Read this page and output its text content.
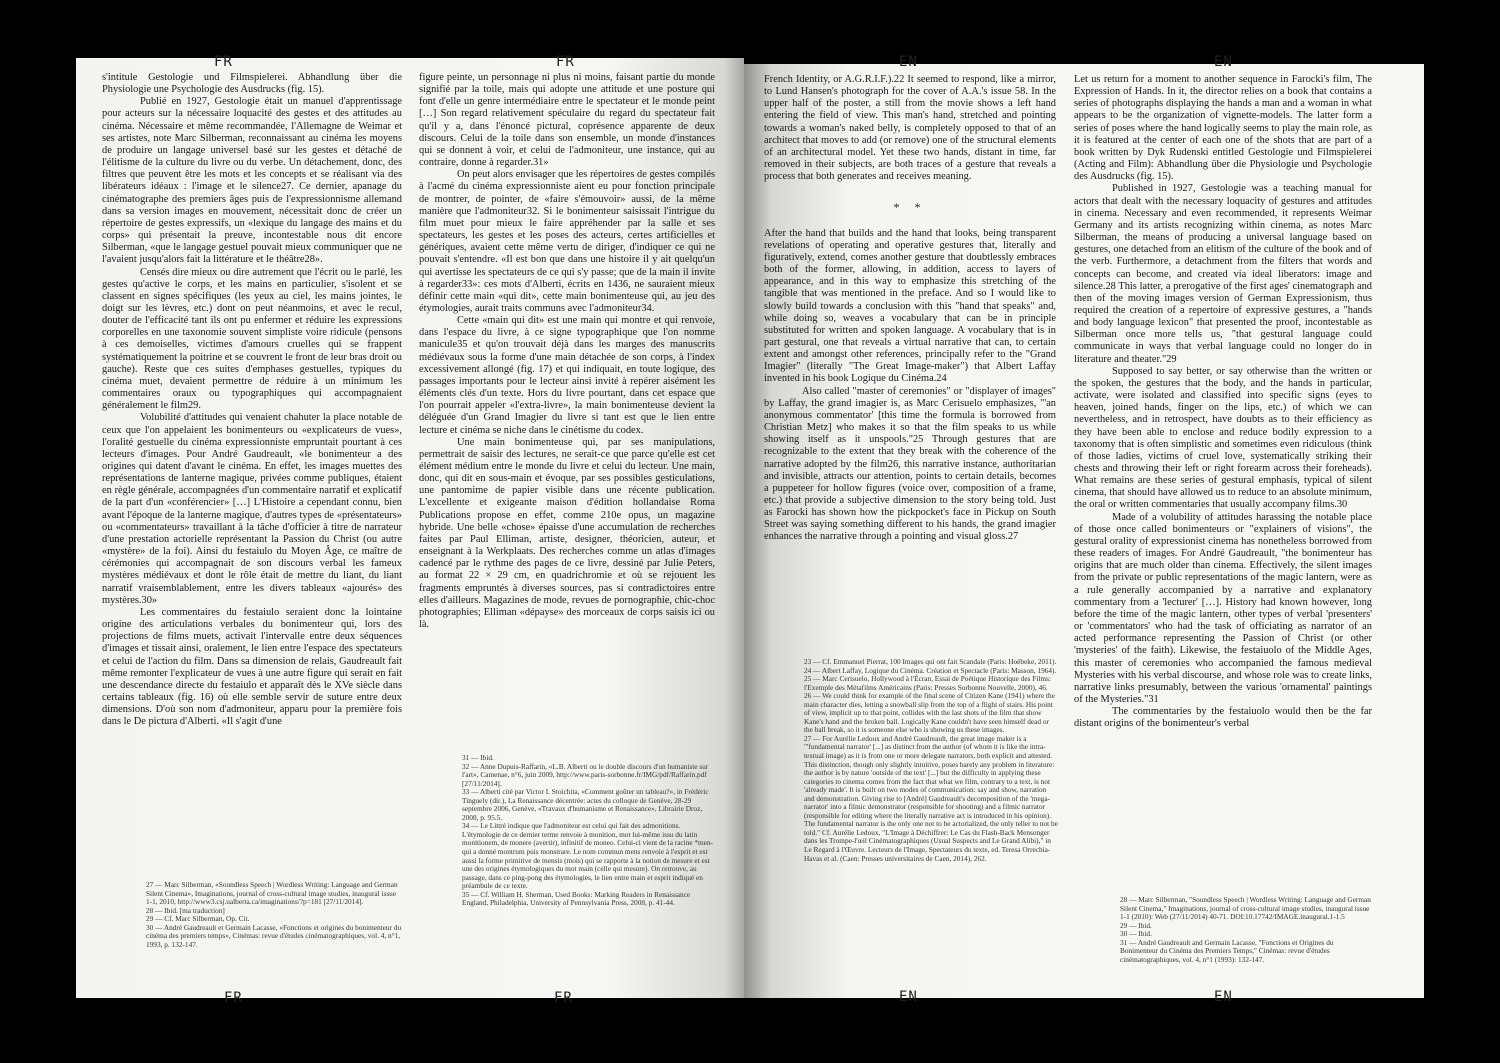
FR	FR

s'intitule Gestologie und Filmspielerei. Abhandlung über die Physiologie une Psychologie des Ausdrucks (fig. 15).

Publié en 1927, Gestologie était un manuel d'apprentissage pour acteurs sur la nécessaire loquacité des gestes et des attitudes au cinéma. Nécessaire et même recommandée, l'Allemagne de Weimar et ses artistes, note Marc Silberman, reconnaissant au cinéma les moyens de produire un langage universel basé sur les gestes et détaché de l'élitisme de la culture du livre ou du verbe. Un détachement, donc, des filtres que peuvent être les mots et les concepts et se réalisant via des libérateurs idéaux : l'image et le silence27. Ce dernier, apanage du cinématographe des premiers âges puis de l'expressionnisme allemand dans sa version images en mouvement, nécessitait donc de créer un répertoire de gestes expressifs, un «lexique du langage des mains et du corps» qui présentait la preuve, incontestable nous dit encore Silberman, «que le langage gestuel pouvait mieux communiquer que ne l'avaient jusqu'alors fait la littérature et le théâtre28».

Censés dire mieux ou dire autrement que l'écrit ou le parlé, les gestes qu'active le corps, et les mains en particulier, s'isolent et se classent en signes spécifiques (les yeux au ciel, les mains jointes, le doigt sur les lèvres, etc.) dont on peut néanmoins, et avec le recul, douter de l'efficacité tant ils ont pu enfermer et réduire les expressions corporelles en une taxonomie souvent simpliste voire ridicule (pensons à ces demoiselles, victimes d'amours cruelles qui se frappent systématiquement la poitrine et se couvrent le front de leur bras droit ou gauche). Reste que ces suites d'emphases gestuelles, typiques du cinéma muet, devaient permettre de réduire à un minimum les commentaires oraux ou typographiques qui accompagnaient généralement le film29.

Volubilité d'attitudes qui venaient chahuter la place notable de ceux que l'on appelaient les bonimenteurs ou «explicateurs de vues», l'oralité gestuelle du cinéma expressionniste empruntait pourtant à ces lecteurs d'images. Pour André Gaudreault, «le bonimenteur a des origines qui datent d'avant le cinéma. En effet, les images muettes des représentations de lanterne magique, privées comme publiques, étaient en règle générale, accompagnées d'un commentaire narratif et explicatif de la part d'un «conférencier» […] L'Histoire a cependant connu, bien avant l'époque de la lanterne magique, d'autres types de «présentateurs» ou «commentateurs» travaillant à la tâche d'officier à titre de narrateur d'une prestation actorielle représentant la Passion du Christ (ou autre «mystère» de la foi). Ainsi du festaiulo du Moyen Âge, ce maître de cérémonies qui accompagnait de son discours verbal les fameux mystères médiévaux et dont le rôle était de mettre du liant, du liant narratif vraisemblablement, entre les divers tableaux «ajourés» des mystères.30»

Les commentaires du festaiulo seraient donc la lointaine origine des articulations verbales du bonimenteur qui, lors des projections de films muets, activait l'intervalle entre deux séquences d'images et tissait ainsi, oralement, le lien entre l'espace des spectateurs et celui de l'action du film. Dans sa dimension de relais, Gaudreault fait même remonter l'explicateur de vues à une autre figure qui serait en fait une descendance directe du festaiulo et apparaît dès le XVe siècle dans certains tableaux (fig. 16) où elle semble servir de suture entre deux dimensions. D'où son nom d'admoniteur, apparu pour la première fois dans le De pictura d'Alberti. «Il s'agit d'une

27 — Marc Silberman, «Soundless Speech | Wordless Writing: Language and German Silent Cinema», Imaginations, journal of cross-cultural image studies, inaugural issue 1-1, 2010, http://www3.csj.ualberta.ca/imaginations/?p=181 [27/11/2014].

28 — Ibid. [ma traduction]

29 — Cf. Marc Silberman, Op. Cit.

30 — André Gaudreault et Germain Lacasse, «Fonctions et origines du bonimenteur du cinéma des premiers temps», Cinémas: revue d'études cinématographiques, vol. 4, n°1, 1993, p. 132-147.

figure peinte, un personnage ni plus ni moins, faisant partie du monde signifié par la toile, mais qui adopte une attitude et une posture qui font d'elle un genre intermédiaire entre le spectateur et le monde peint […] Son regard relativement spéculaire du regard du spectateur fait qu'il y a, dans l'énoncé pictural, coprésence apparente de deux discours. Celui de la toile dans son ensemble, un monde d'instances qui se donnent à voir, et celui de l'admoniteur, une instance, qui au contraire, donne à regarder.31»

On peut alors envisager que les répertoires de gestes compilés à l'acmé du cinéma expressionniste aient eu pour fonction principale de montrer, de pointer, de «faire s'émouvoir» aussi, de la même manière que l'admoniteur32. Si le bonimenteur saisissait l'intrigue du film muet pour mieux le faire appréhender par la salle et ses spectateurs, les gestes et les poses des acteurs, certes artificielles et génériques, avaient cette même vertu de diriger, d'indiquer ce qui ne pouvait s'entendre. «Il est bon que dans une histoire il y ait quelqu'un qui avertisse les spectateurs de ce qui s'y passe; que de la main il invite à regarder33»: ces mots d'Alberti, écrits en 1436, ne sauraient mieux définir cette main «qui dit», cette main bonimenteuse qui, au jeu des étymologies, aurait traits communs avec l'admoniteur34.

Cette «main qui dit» est une main qui montre et qui renvoie, dans l'espace du livre, à ce signe typographique que l'on nomme manicule35 et qu'on trouvait déjà dans les marges des manuscrits médiévaux sous la forme d'une main détachée de son corps, à l'index excessivement allongé (fig. 17) et qui indiquait, en toute logique, des passages importants pour le lecteur ainsi invité à repérer aisément les éléments clés d'un texte. Hors du livre pourtant, dans cet espace que l'on pourrait appeler «l'extra-livre», la main bonimenteuse devient la déléguée d'un Grand Imagier du livre si tant est que le lien entre lecture et cinéma se niche dans le cinétisme du codex.

Une main bonimenteuse qui, par ses manipulations, permettrait de saisir des lectures, ne serait-ce que parce qu'elle est cet élément médium entre le monde du livre et celui du lecteur. Une main, donc, qui dit en sous-main et évoque, par ses possibles gesticulations, une pantomime de papier visible dans une récente publication. L'excellente et exigeante maison d'édition hollandaise Roma Publications propose en effet, comme 210e opus, un magazine hybride. Une belle «chose» épaisse d'une accumulation de recherches faites par Paul Elliman, artiste, designer, théoricien, auteur, et enseignant à la Werkplaats. Des recherches comme un atlas d'images cadencé par le rythme des pages de ce livre, dessiné par Julie Peters, au format 22 × 29 cm, en quadrichromie et où se rejouent les fragments empruntés à diverses sources, pas si contradictoires entre elles d'ailleurs. Magazines de mode, revues de pornographie, chic-choc photographies; Elliman «dépayse» des morceaux de corps saisis ici ou là.

31 — Ibid.

32 — Anne Dupuis-Raffarin, «L.B. Alberti ou le double discours d'un humaniste sur l'art», Camenae, n°6, juin 2009, http://www.paris-sorbonne.fr/IMG/pdf/Raffarin.pdf [27/11/2014].

33 — Alberti cité par Victor I. Stoichita, «Comment goûter un tableau?», in Frédéric Tinguely (dir.), La Renaissance décentrée: actes du colloque de Genève, 28-29 septembre 2006, Genève, «Travaux d'humanisme et Renaissance», Librairie Droz, 2008, p. 95.5.

34 — Le Littré indique que l'admoniteur est celui qui fait des admonitions. L'étymologie de ce dernier terme renvoie à monition, mot lui-même issu du latin monitionem, de monere (avertir), infinitif de moneo. Celui-ci vient de la racine *men- qui a donné montrum puis monstrare. Le nom commun mens renvoie à l'esprit et est aussi la forme primitive de mensis (mois) qui se rapporte à la notion de mesure et est une des origines étymologiques du mot main (celle qui mesure). On retrouve, au passage, dans ce ping-pong des étymologies, le lien entre main et esprit indiqué en préambule de ce texte.

35 — Cf. William H. Sherman, Used Books: Marking Readers in Renaissance England, Philadelphia, University of Pennsylvania Press, 2008, p. 41-44.

FR	FR
EN	EN

French Identity, or A.G.R.I.F.).22 It seemed to respond, like a mirror, to Lund Hansen's photograph for the cover of A.A.'s issue 58. In the upper half of the poster, a still from the movie shows a left hand entering the field of view. This man's hand, stretched and pointing towards a woman's naked belly, is completely opposed to that of an architect that moves to add (or remove) one of the structural elements of an architectural model. Yet these two hands, distant in time, far removed in their subjects, are both traces of a gesture that reveals a process that both generates and receives meaning.

* *

After the hand that builds and the hand that looks, being transparent revelations of operating and operative gestures that, literally and figuratively, extend, comes another gesture that doubtlessly embraces both of the former, allowing, in addition, access to layers of appearance, and in this way to emphasize this stretching of the tangible that was mentioned in the preface. And so I would like to slowly build towards a conclusion with this "hand that speaks" and, while doing so, weaves a vocabulary that can be in principle substituted for written and spoken language. A vocabulary that is in part gestural, one that reveals a virtual narrative that can, to certain extent and amongst other references, principally refer to the "Grand Imagier" (literally "The Great Image-maker") that Albert Laffay invented in his book Logique du Cinéma.24

Also called "master of ceremonies" or "displayer of images" by Laffay, the grand imagier is, as Marc Cerisuelo emphasizes, "'an anonymous commentator' [this time the formula is borrowed from Christian Metz] who makes it so that the film speaks to us while showing itself as it unspools."25 Through gestures that are recognizable to the extent that they break with the coherence of the narrative adopted by the film26, this narrative instance, authoritarian and invisible, attracts our attention, points to certain details, becomes a puppeteer for hollow figures (voice over, composition of a frame, etc.) that provide a subjective dimension to the story being told. Just as Farocki has shown how the pickpocket's face in Pickup on South Street was saying something different to his hands, the grand imagier enhances the narrative through a pointing and visual gloss.27

23 — Cf. Emmanuel Pierrat, 100 Images qui ont fait Scandale (Paris: Hoëbeke, 2011).

24 — Albert Laffay, Logique du Cinéma. Création et Spectacle (Paris: Masson, 1964).

25 — Marc Cerisuelo, Hollywood à l'Écran, Essai de Poétique Historique des Films: l'Exemple des Métafilms Américains (Paris: Presses Sorbonne Nouvelle, 2000), 46.

26 — We could think for example of the final scene of Citizen Kane (1941) where the main character dies, letting a snowball slip from the top of a flight of stairs. His point of view, implicit up to that point, collides with the last shots of the film that show Kane's hand and the broken ball. Logically Kane couldn't have seen himself dead or the ball break, so it is someone else who is showing us these images.

27 — For Aurélie Ledoux and André Gaudreault, the great image maker is a "'fundamental narrator' [...] as distinct from the author (of whom it is like the intra-textual image) as it is from one or more delegate narrators, both explicit and attested. This distinction, though only slightly intuitive, poses barely any problem in literature: the author is by nature 'outside of the text' [...] but the difficulty in applying these categories to cinema comes from the fact that what we film, contrary to a text, is not 'already made'. It is built on two modes of communication: say and show, narration and demonstration. Giving rise to [André] Gaudreault's decomposition of the 'mega-narrator' into a filmic demonstrator (responsible for shooting) and a filmic narrator (responsible for editing where the literally narrative act is introduced in his opinion). The fundamental narrator is the only one not to be actorialized, the only teller to not be told." Cf. Aurélie Ledoux, "L'Image à Déchiffrer: Le Cas du Flash-Back Mensonger dans les Trompe-l'œil Cinématographiques (Usual Suspects and Le Grand Alibi)," in Le Regard à l'Œuvre. Lecteurs de l'Image, Spectateurs du texte, ed. Teresa Orrechia-Havas et al. (Caen: Presses universitaires de Caen, 2014), 262.

Let us return for a moment to another sequence in Farocki's film, The Expression of Hands. In it, the director relies on a book that contains a series of photographs displaying the hands a man and a woman in what appears to be the organization of vignette-models. The latter form a series of poses where the hand logically seems to play the main role, as it is featured at the center of each one of the shots that are part of a book written by Dyk Rudenski entitled Gestologie und Filmspielerei (Acting and Film): Abhandlung über die Physiologie und Psychologie des Ausdrucks (fig. 15).

Published in 1927, Gestologie was a teaching manual for actors that dealt with the necessary loquacity of gestures and attitudes in cinema. Necessary and even recommended, it represents Weimar Germany and its artists recognizing within cinema, as notes Marc Silberman, the means of producing a universal language based on gestures, one detached from an elitism of the culture of the book and of the verb. Furthermore, a detachment from the filters that words and concepts can become, and created via ideal liberators: image and silence.28 This latter, a prerogative of the first ages' cinematograph and then of the moving images version of German Expressionism, thus required the creation of a repertoire of expressive gestures, a "hands and body language lexicon" that presented the proof, incontestable as Silberman once more tells us, "that gestural language could communicate in ways that verbal language could no longer do in literature and theater."29

Supposed to say better, or say otherwise than the written or the spoken, the gestures that the body, and the hands in particular, activate, were isolated and classified into specific signs (eyes to heaven, joined hands, finger on the lips, etc.) of which we can nevertheless, and in retrospect, have doubts as to their efficiency as they have been able to enclose and reduce bodily expression to a taxonomy that is often simplistic and sometimes even ridiculous (think of those ladies, victims of cruel love, systematically striking their chests and throwing their left or right forearm across their foreheads). What remains are these series of gestural emphasis, typical of silent cinema, that should have allowed us to reduce to an absolute minimum, the oral or written commentaries that usually accompany films.30

Made of a volubility of attitudes harassing the notable place of those once called bonimenteurs or "explainers of visions", the gestural orality of expressionist cinema has nonetheless borrowed from these readers of images. For André Gaudreault, "the bonimenteur has origins that are much older than cinema. Effectively, the silent images from the private or public representations of the magic lantern, were as a rule generally accompanied by a narrative and explanatory commentary from a 'lecturer' […]. History had known however, long before the time of the magic lantern, other types of verbal 'presenters' or 'commentators' who had the task of officiating as narrator of an acted performance representing the Passion of Christ (or other 'mysteries' of the faith). Likewise, the festaiuolo of the Middle Ages, this master of ceremonies who accompanied the famous medieval Mysteries with his verbal discourse, and whose role was to create links, narrative links presumably, between the various 'ornamental' paintings of the Mysteries."31

The commentaries by the festaiuolo would then be the far distant origins of the bonimenteur's verbal

28 — Marc Silberman, "Soundless Speech | Wordless Writing: Language and German Silent Cinema," Imaginations, journal of cross-cultural image studies, inaugural issue 1-1 (2010): Web (27/11/2014) 40-71. DOI:10.17742/IMAGE.inaugural.1-1.5

29 — Ibid.

30 — Ibid.

31 — André Gaudreault and Germain Lacasse, "Fonctions et Origines du Bonimenteur du Cinéma des Premiers Temps," Cinémas: revue d'études cinématographiques, vol. 4, n°1 (1993): 132-147.

EN	EN
